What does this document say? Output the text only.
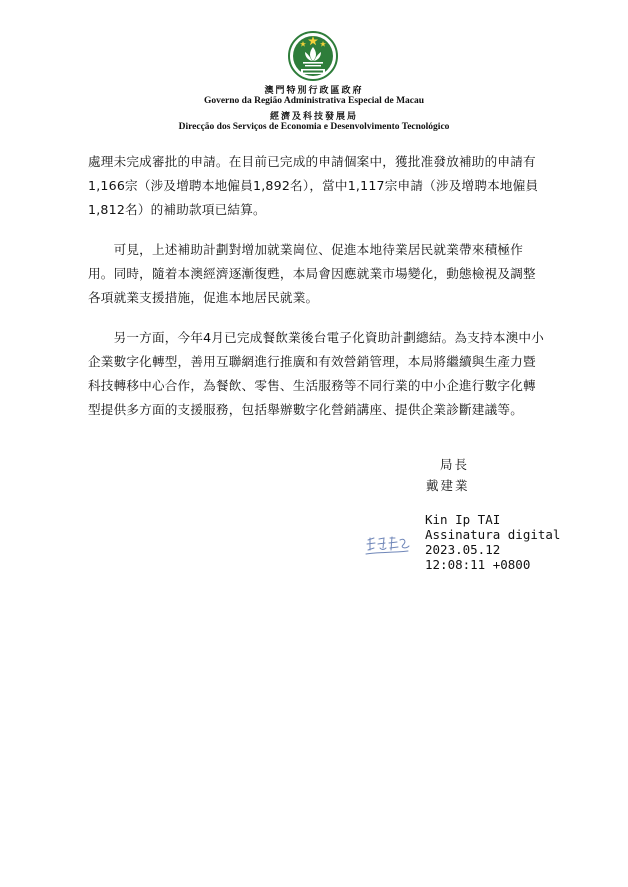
澳門特別行政區政府
Governo da Região Administrativa Especial de Macau
經濟及科技發展局
Direcção dos Serviços de Economia e Desenvolvimento Tecnológico

處理未完成審批的申請。在目前已完成的申請個案中，獲批准發放補助的申請有
1,166宗（涉及增聘本地僱員1,892名），當中1,117宗申請（涉及增聘本地僱員
1,812名）的補助款項已結算。

　　可見，上述補助計劃對增加就業崗位、促進本地待業居民就業帶來積極作
用。同時，隨着本澳經濟逐漸復甦，本局會因應就業市場變化，動態檢視及調整
各項就業支援措施，促進本地居民就業。

　　另一方面，今年4月已完成餐飲業後台電子化資助計劃總結。為支持本澳中小
企業數字化轉型，善用互聯網進行推廣和有效營銷管理，本局將繼續與生產力暨
科技轉移中心合作，為餐飲、零售、生活服務等不同行業的中小企進行數字化轉
型提供多方面的支援服務，包括舉辦數字化營銷講座、提供企業診斷建議等。

局長
戴建業
Kin Ip TAI
Assinatura digital
2023.05.12
12:08:11 +0800
